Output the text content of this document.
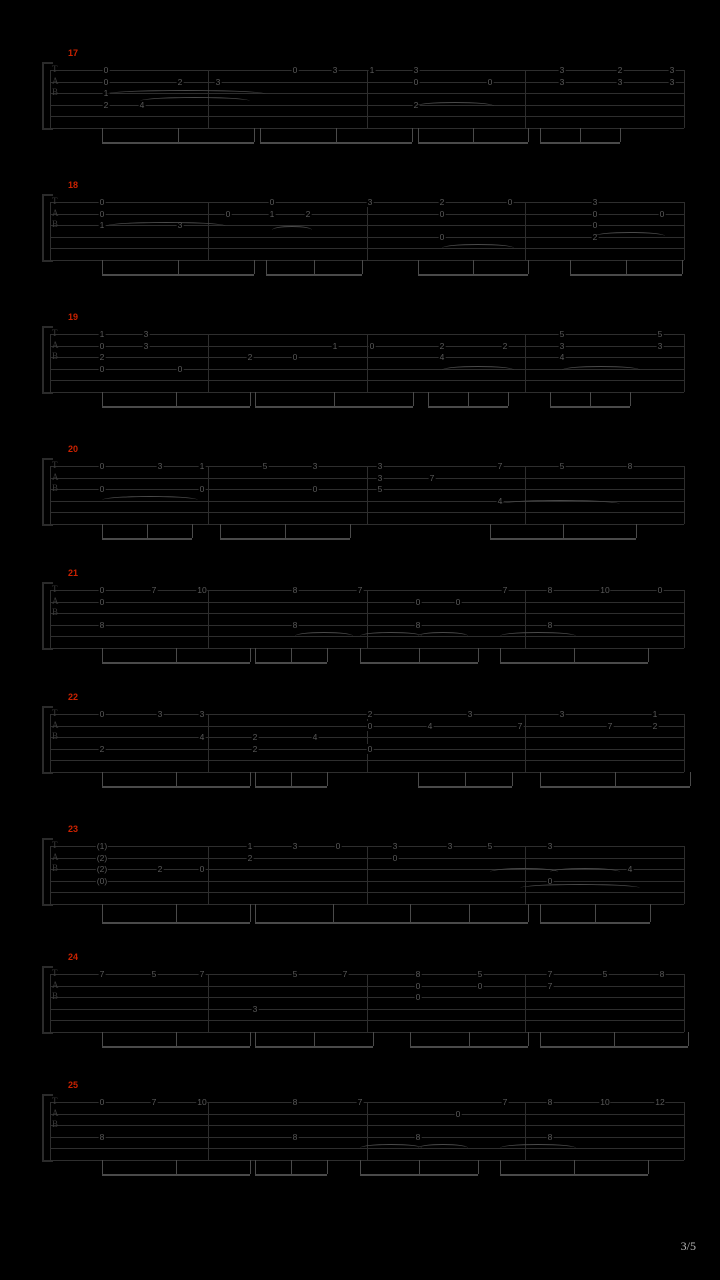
17
T
A
B
0
0
1
2	4
2	3
0	3	1	3
0
2
0
3
3
2
3
3
3
18
T
A
B
0
0
1	3
0
0
1	2
3	2
0
0
0	3
0
0
2
0
19
T
A
B
1
0
2
0
3
3
0
2	0
1	0	2
4
2
5
3
4
5
3
20
T
A
B
0
0
3	1
0
5	3
0
3
3
5
7
7
4
5	8
21
T
A
B
0
0
8
7	10	8
8
7
0
8
0
7	8
8
10	0
22
T
A
B
0
2
3	3
4	2
2
4
2
0
0
4
3
7
3
7
1
2
23
T
A
B
(1)
(2)
(2)
(0)
2	0
1
2
3	0	3
0
3	5	3
0
4
24
T
A
B
7	5	7
3
5	7	8
0
0
5
0
7
7
5	8
25
T
A
B
0
8
7	10	8
8
7
8
0
7	8
8
10	12
3/5
